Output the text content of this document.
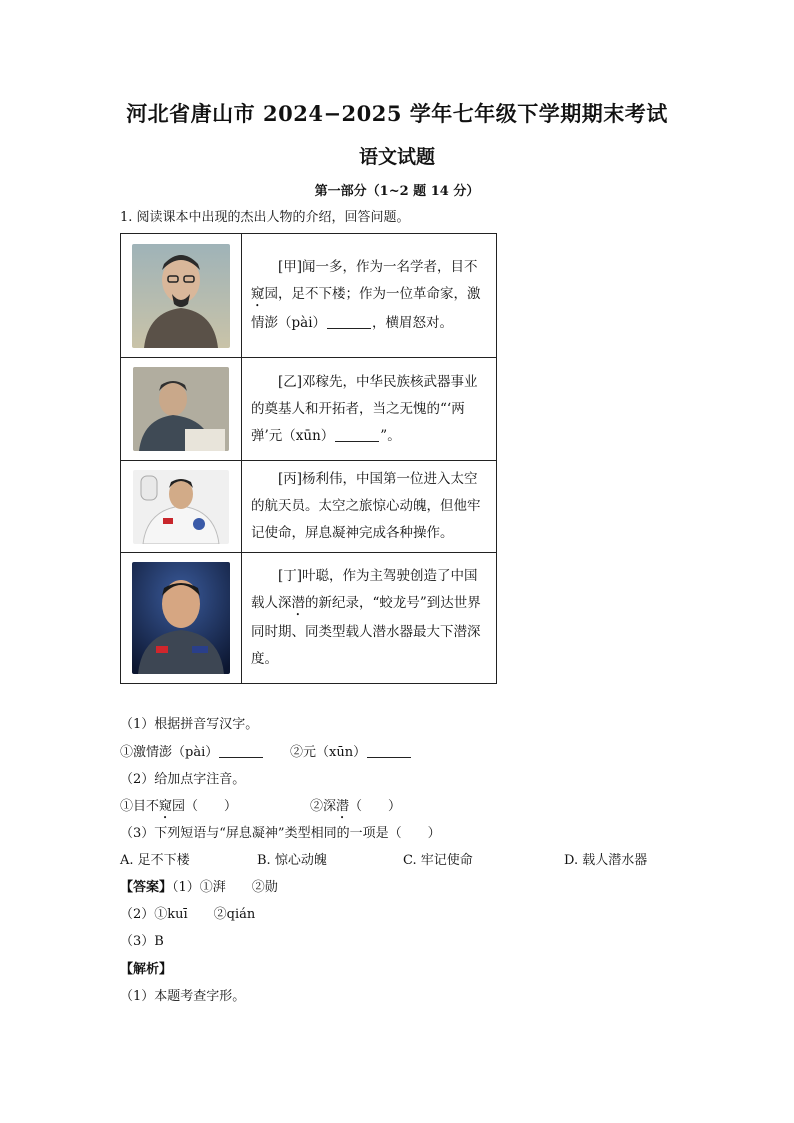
河北省唐山市 2024−2025 学年七年级下学期期末考试
语文试题
第一部分（1~2 题 14 分）
1. 阅读课本中出现的杰出人物的介绍，回答问题。
	[甲]闻一多，作为一名学者，目不窥园，足不下楼；作为一位革命家，激情澎（pài） ，横眉怒对。

	[乙]邓稼先，中华民族核武器事业的奠基人和开拓者，当之无愧的“‘两弹’元（xūn） ”。

	[丙]杨利伟，中国第一位进入太空的航天员。太空之旅惊心动魄，但他牢记使命，屏息凝神完成各种操作。

	[丁]叶聪，作为主驾驶创造了中国载人深潜的新纪录，“蛟龙号”到达世界同时期、同类型载人潜水器最大下潜深度。
（1）根据拼音写汉字。
①激情澎（pài）	②元（xūn）
（2）给加点字注音。
①目不窥园（　　）	②深潜（　　）
（3）下列短语与“屏息凝神”类型相同的一项是（　　）
A. 足不下楼	B. 惊心动魄	C. 牢记使命	D. 载人潜水器
【答案】（1）①湃　　②勋
（2）①kuī　　②qián
（3）B
【解析】
（1）本题考查字形。
